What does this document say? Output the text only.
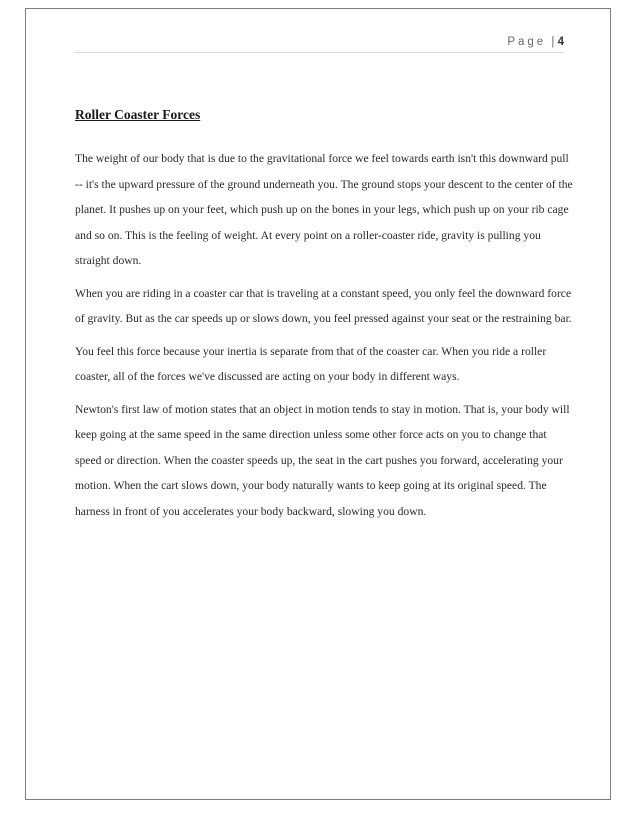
Page | 4
Roller Coaster Forces

The weight of our body that is due to the gravitational force we feel towards earth isn't this downward pull -- it's the upward pressure of the ground underneath you. The ground stops your descent to the center of the planet. It pushes up on your feet, which push up on the bones in your legs, which push up on your rib cage and so on. This is the feeling of weight. At every point on a roller-coaster ride, gravity is pulling you straight down.

When you are riding in a coaster car that is traveling at a constant speed, you only feel the downward force of gravity. But as the car speeds up or slows down, you feel pressed against your seat or the restraining bar.

You feel this force because your inertia is separate from that of the coaster car. When you ride a roller coaster, all of the forces we've discussed are acting on your body in different ways.

Newton's first law of motion states that an object in motion tends to stay in motion. That is, your body will keep going at the same speed in the same direction unless some other force acts on you to change that speed or direction. When the coaster speeds up, the seat in the cart pushes you forward, accelerating your motion. When the cart slows down, your body naturally wants to keep going at its original speed. The harness in front of you accelerates your body backward, slowing you down.
